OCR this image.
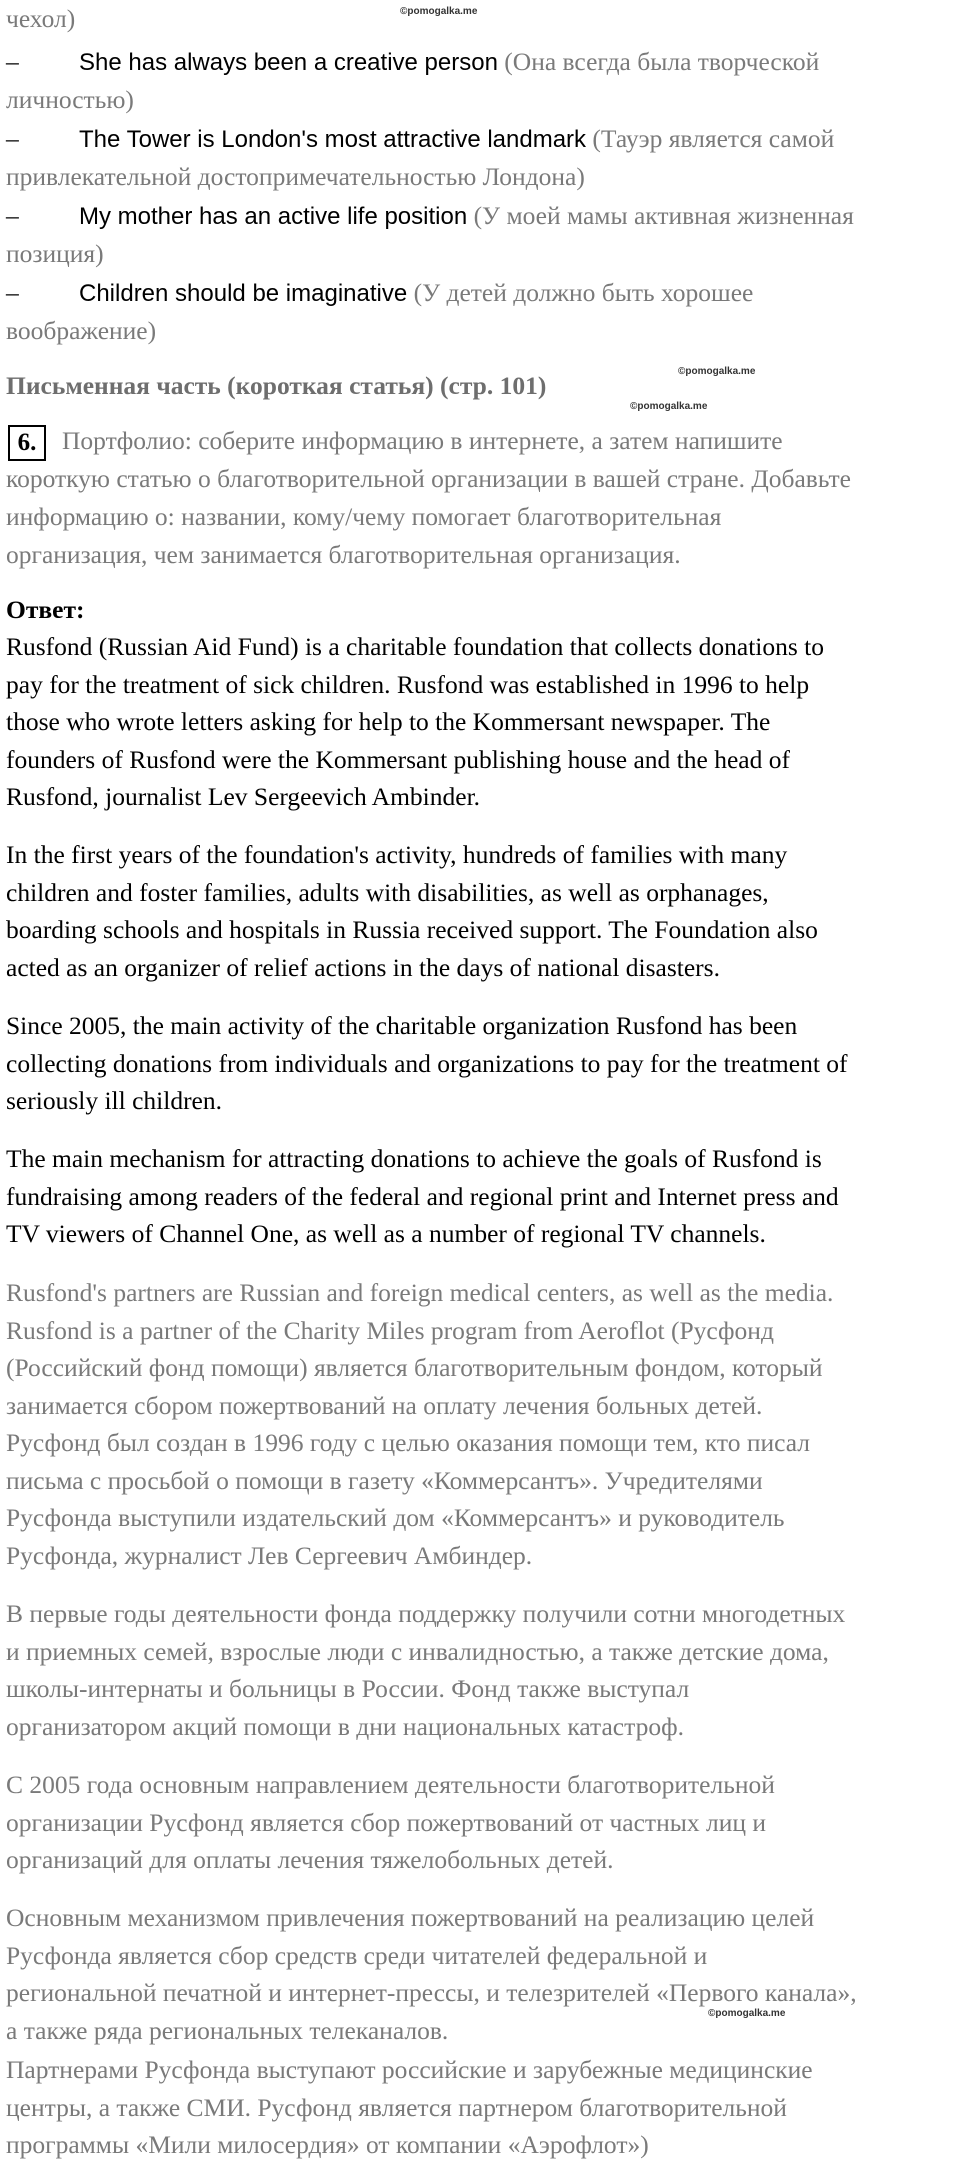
©pomogalka.me
©pomogalka.me
©pomogalka.me
©pomogalka.me
чехол)
–	She has always been a creative person (Она всегда была творческой
личностью)
–	The Tower is London's most attractive landmark (Тауэр является самой
привлекательной достопримечательностью Лондона)
–	My mother has an active life position (У моей мамы активная жизненная
позиция)
–	Children should be imaginative (У детей должно быть хорошее
воображение)
Письменная часть (короткая статья) (стр. 101)
6.	Портфолио: соберите информацию в интернете, а затем напишите
короткую статью о благотворительной организации в вашей стране. Добавьте
информацию о: названии, кому/чему помогает благотворительная
организация, чем занимается благотворительная организация.
Ответ:
Rusfond (Russian Aid Fund) is a charitable foundation that collects donations to
pay for the treatment of sick children. Rusfond was established in 1996 to help
those who wrote letters asking for help to the Kommersant newspaper. The
founders of Rusfond were the Kommersant publishing house and the head of
Rusfond, journalist Lev Sergeevich Ambinder.
In the first years of the foundation's activity, hundreds of families with many
children and foster families, adults with disabilities, as well as orphanages,
boarding schools and hospitals in Russia received support. The Foundation also
acted as an organizer of relief actions in the days of national disasters.
Since 2005, the main activity of the charitable organization Rusfond has been
collecting donations from individuals and organizations to pay for the treatment of
seriously ill children.
The main mechanism for attracting donations to achieve the goals of Rusfond is
fundraising among readers of the federal and regional print and Internet press and
TV viewers of Channel One, as well as a number of regional TV channels.
Rusfond's partners are Russian and foreign medical centers, as well as the media.
Rusfond is a partner of the Charity Miles program from Aeroflot (Русфонд
(Российский фонд помощи) является благотворительным фондом, который
занимается сбором пожертвований на оплату лечения больных детей.
Русфонд был создан в 1996 году с целью оказания помощи тем, кто писал
письма с просьбой о помощи в газету «Коммерсантъ». Учредителями
Русфонда выступили издательский дом «Коммерсантъ» и руководитель
Русфонда, журналист Лев Сергеевич Амбиндер.
В первые годы деятельности фонда поддержку получили сотни многодетных
и приемных семей, взрослые люди с инвалидностью, а также детские дома,
школы-интернаты и больницы в России. Фонд также выступал
организатором акций помощи в дни национальных катастроф.
С 2005 года основным направлением деятельности благотворительной
организации Русфонд является сбор пожертвований от частных лиц и
организаций для оплаты лечения тяжелобольных детей.
Основным механизмом привлечения пожертвований на реализацию целей
Русфонда является сбор средств среди читателей федеральной и
региональной печатной и интернет-прессы, и телезрителей «Первого канала»,
а также ряда региональных телеканалов.
Партнерами Русфонда выступают российские и зарубежные медицинские
центры, а также СМИ. Русфонд является партнером благотворительной
программы «Мили милосердия» от компании «Аэрофлот»)
